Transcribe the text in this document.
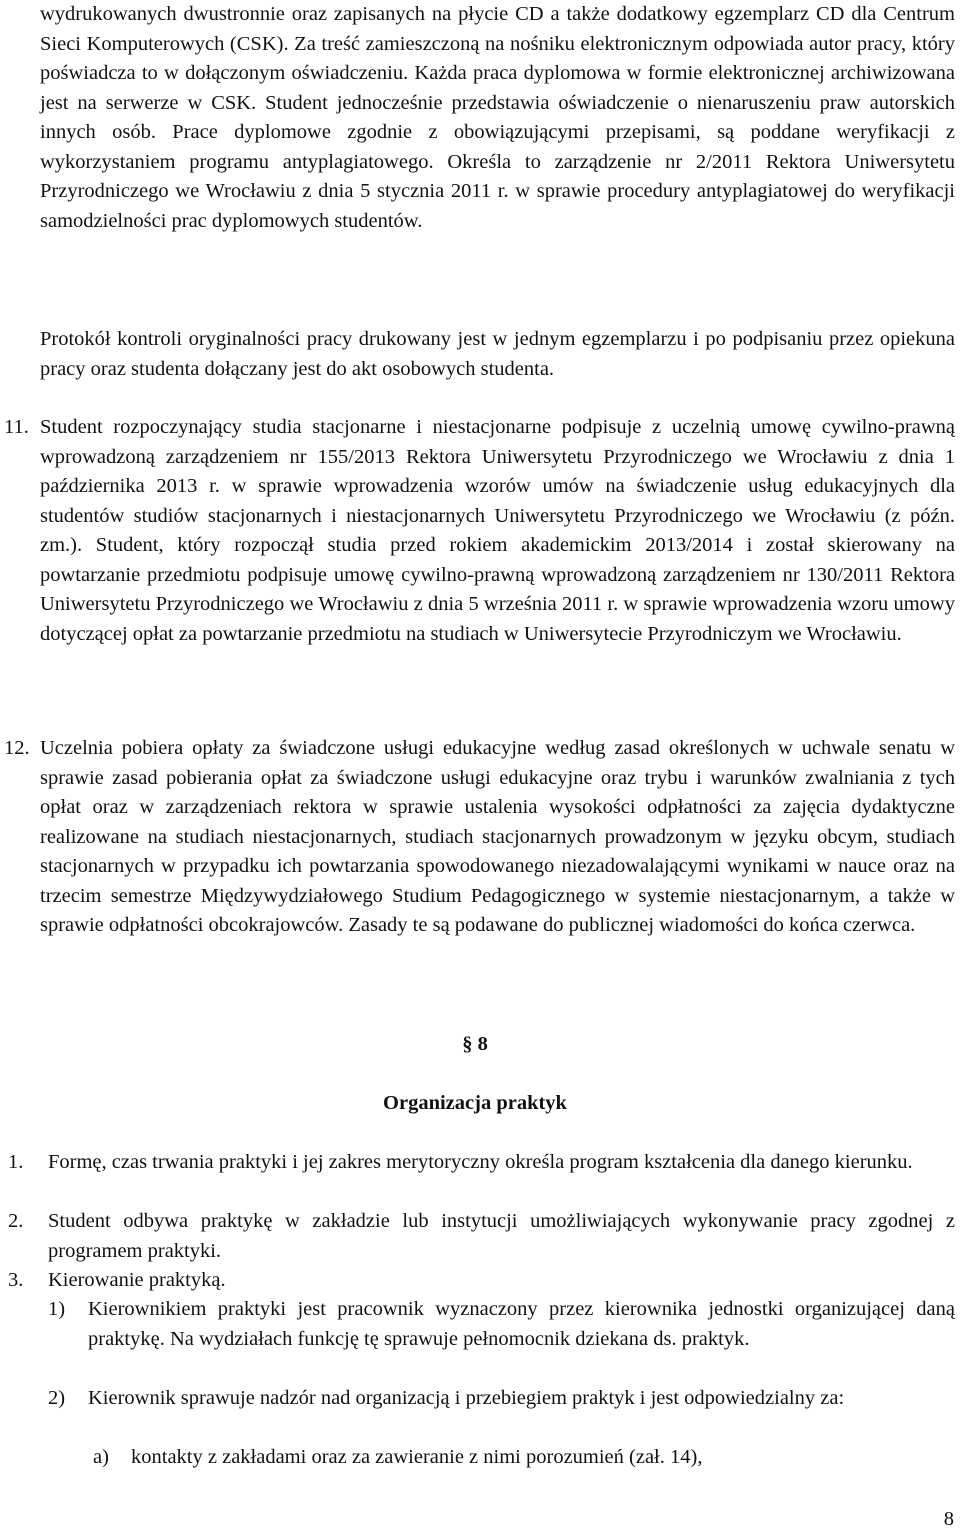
wydrukowanych dwustronnie oraz zapisanych na płycie CD a także dodatkowy egzemplarz CD dla Centrum Sieci Komputerowych (CSK). Za treść zamieszczoną na nośniku elektronicznym odpowiada autor pracy, który poświadcza to w dołączonym oświadczeniu. Każda praca dyplomowa w formie elektronicznej archiwizowana jest na serwerze w CSK. Student jednocześnie przedstawia oświadczenie o nienaruszeniu praw autorskich innych osób. Prace dyplomowe zgodnie z obowiązującymi przepisami, są poddane weryfikacji z wykorzystaniem programu antyplagiatowego. Określa to zarządzenie nr 2/2011 Rektora Uniwersytetu Przyrodniczego we Wrocławiu z dnia 5 stycznia 2011 r. w sprawie procedury antyplagiatowej do weryfikacji samodzielności prac dyplomowych studentów.

Protokół kontroli oryginalności pracy drukowany jest w jednym egzemplarzu i po podpisaniu przez opiekuna pracy oraz studenta dołączany jest do akt osobowych studenta.

11. Student rozpoczynający studia stacjonarne i niestacjonarne podpisuje z uczelnią umowę cywilno-prawną wprowadzoną zarządzeniem nr 155/2013 Rektora Uniwersytetu Przyrodniczego we Wrocławiu z dnia 1 października 2013 r. w sprawie wprowadzenia wzorów umów na świadczenie usług edukacyjnych dla studentów studiów stacjonarnych i niestacjonarnych Uniwersytetu Przyrodniczego we Wrocławiu (z późn. zm.). Student, który rozpoczął studia przed rokiem akademickim 2013/2014 i został skierowany na powtarzanie przedmiotu podpisuje umowę cywilno-prawną wprowadzoną zarządzeniem nr 130/2011 Rektora Uniwersytetu Przyrodniczego we Wrocławiu z dnia 5 września 2011 r. w sprawie wprowadzenia wzoru umowy dotyczącej opłat za powtarzanie przedmiotu na studiach w Uniwersytecie Przyrodniczym we Wrocławiu.
12. Uczelnia pobiera opłaty za świadczone usługi edukacyjne według zasad określonych w uchwale senatu w sprawie zasad pobierania opłat za świadczone usługi edukacyjne oraz trybu i warunków zwalniania z tych opłat oraz w zarządzeniach rektora w sprawie ustalenia wysokości odpłatności za zajęcia dydaktyczne realizowane na studiach niestacjonarnych, studiach stacjonarnych prowadzonym w języku obcym, studiach stacjonarnych w przypadku ich powtarzania spowodowanego niezadowalającymi wynikami w nauce oraz na trzecim semestrze Międzywydziałowego Studium Pedagogicznego w systemie niestacjonarnym, a także w sprawie odpłatności obcokrajowców. Zasady te są podawane do publicznej wiadomości do końca czerwca.
§ 8
Organizacja praktyk
1. Formę, czas trwania praktyki i jej zakres merytoryczny określa program kształcenia dla danego kierunku.
2. Student odbywa praktykę w zakładzie lub instytucji umożliwiających wykonywanie pracy zgodnej z programem praktyki.
3. Kierowanie praktyką.
1) Kierownikiem praktyki jest pracownik wyznaczony przez kierownika jednostki organizującej daną praktykę. Na wydziałach funkcję tę sprawuje pełnomocnik dziekana ds. praktyk.
2) Kierownik sprawuje nadzór nad organizacją i przebiegiem praktyk i jest odpowiedzialny za:
a) kontakty z zakładami oraz za zawieranie z nimi porozumień (zał. 14),
8
